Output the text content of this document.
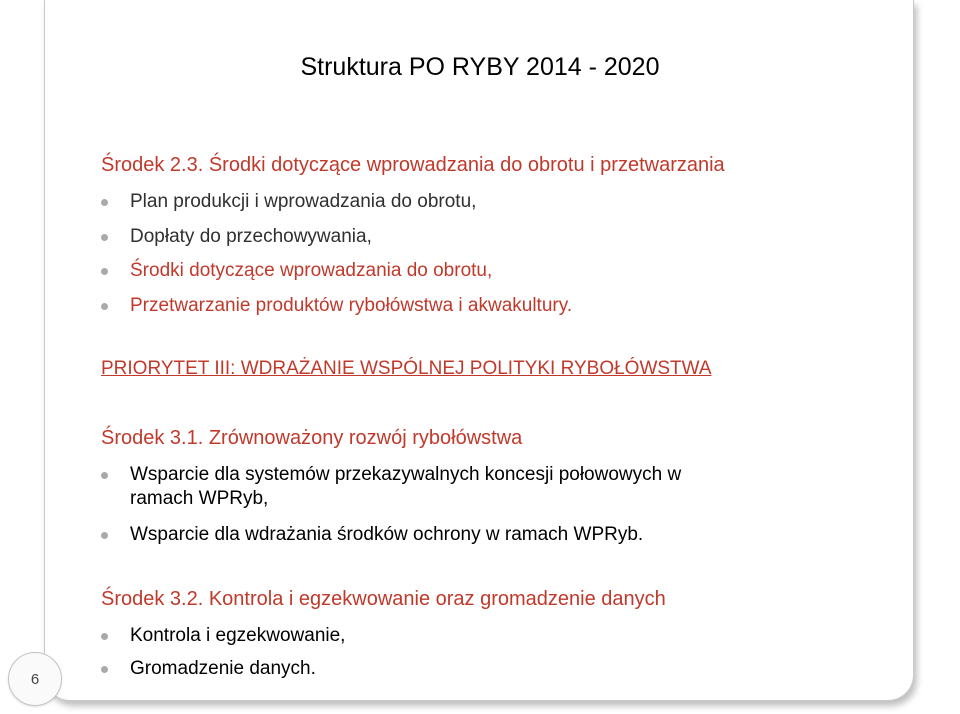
Struktura PO RYBY 2014 - 2020
Środek 2.3. Środki dotyczące wprowadzania do obrotu i przetwarzania
Plan produkcji i wprowadzania do obrotu,
Dopłaty do przechowywania,
Środki dotyczące wprowadzania do obrotu,
Przetwarzanie produktów rybołówstwa i akwakultury.
PRIORYTET III: WDRAŻANIE WSPÓLNEJ POLITYKI RYBOŁÓWSTWA
Środek 3.1. Zrównoważony rozwój rybołówstwa
Wsparcie dla systemów przekazywalnych koncesji połowowych w
ramach WPRyb,
Wsparcie dla wdrażania środków ochrony w ramach WPRyb.
Środek 3.2. Kontrola i egzekwowanie oraz gromadzenie danych
Kontrola i egzekwowanie,
Gromadzenie danych.
6
